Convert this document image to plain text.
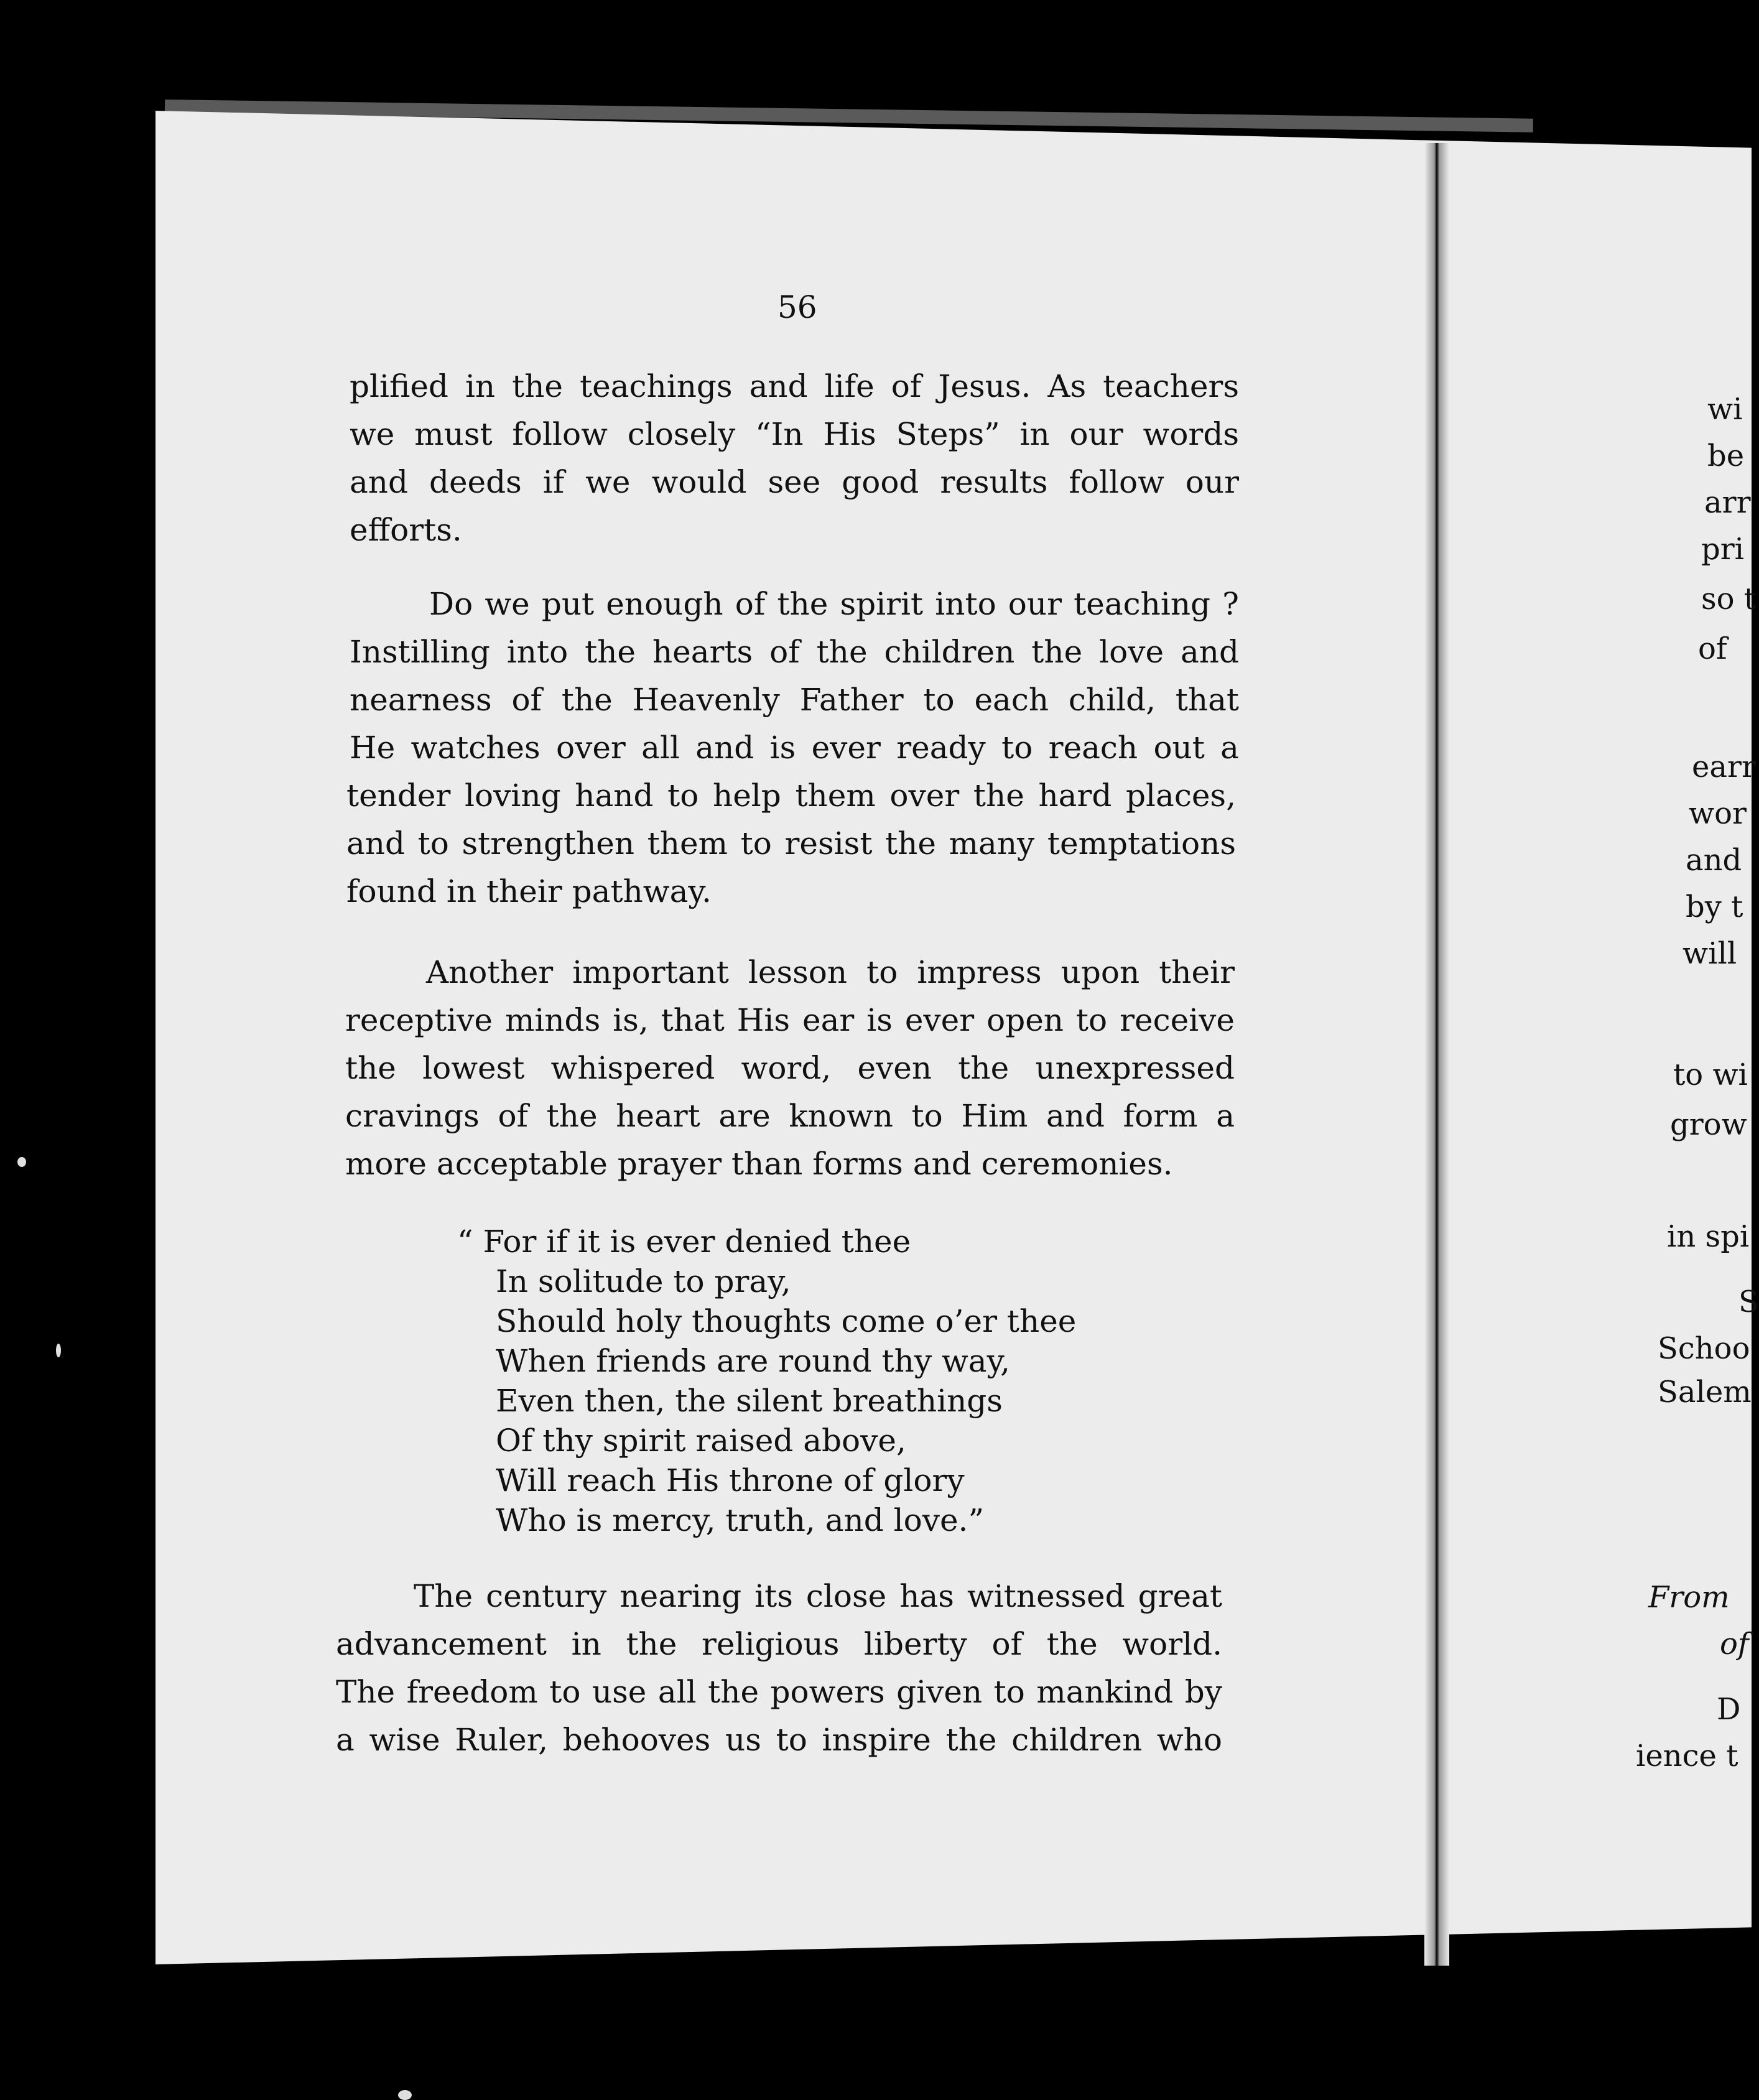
56
plified in the teachings and life of Jesus. As teachers
we must follow closely “In His Steps” in our words
and deeds if we would see good results follow our
efforts.
Do we put enough of the spirit into our teaching ?
Instilling into the hearts of the children the love and
nearness of the Heavenly Father to each child, that
He watches over all and is ever ready to reach out a
tender loving hand to help them over the hard places,
and to strengthen them to resist the many temptations
found in their pathway.
Another important lesson to impress upon their
receptive minds is, that His ear is ever open to receive
the lowest whispered word, even the unexpressed
cravings of the heart are known to Him and form a
more acceptable prayer than forms and ceremonies.
“ For if it is ever denied thee
In solitude to pray,
Should holy thoughts come o’er thee
When friends are round thy way,
Even then, the silent breathings
Of thy spirit raised above,
Will reach His throne of glory
Who is mercy, truth, and love.”
The century nearing its close has witnessed great
advancement in the religious liberty of the world.
The freedom to use all the powers given to mankind by
a wise Ruler, behooves us to inspire the children who
wi
be
arr
pri
so t
of
earr
wor
and
by t
will
to wi
grow
in spi
S
Schoo
Salem
From
of
D
ience t
